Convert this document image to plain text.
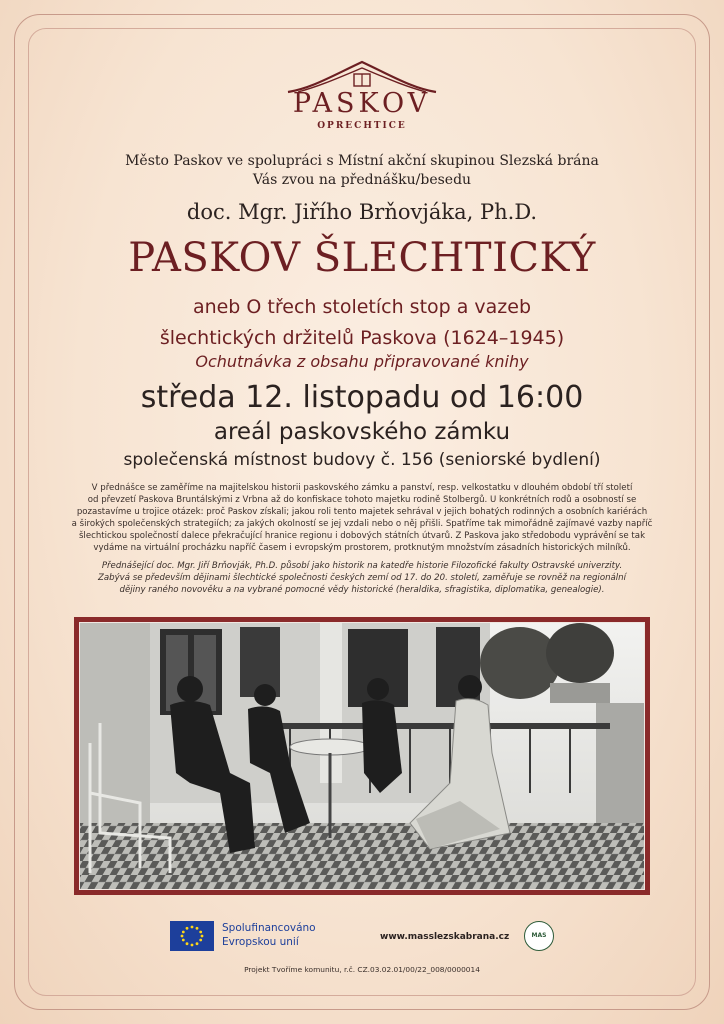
PASKOV
OPRECHTICE
Město Paskov ve spolupráci s Místní akční skupinou Slezská brána
Vás zvou na přednášku/besedu
doc. Mgr. Jiřího Brňovjáka, Ph.D.
PASKOV ŠLECHTICKÝ
aneb O třech stoletích stop a vazeb
šlechtických držitelů Paskova (1624–1945)
Ochutnávka z obsahu připravované knihy
středa 12. listopadu od 16:00
areál paskovského zámku
společenská místnost budovy č. 156 (seniorské bydlení)
V přednášce se zaměříme na majitelskou historii paskovského zámku a panství, resp. velkostatku v dlouhém období tří století
od převzetí Paskova Bruntálskými z Vrbna až do konfiskace tohoto majetku rodině Stolbergů. U konkrétních rodů a osobností se
pozastavíme u trojice otázek: proč Paskov získali; jakou roli tento majetek sehrával v jejich bohatých rodinných a osobních kariérách
a širokých společenských strategiích; za jakých okolností se jej vzdali nebo o něj přišli. Spatříme tak mimořádně zajímavé vazby napříč
šlechtickou společností dalece překračující hranice regionu i dobových státních útvarů. Z Paskova jako středobodu vyprávění se tak
vydáme na virtuální procházku napříč časem i evropským prostorem, protknutým množstvím zásadních historických milníků.
Přednášející doc. Mgr. Jiří Brňovják, Ph.D. působí jako historik na katedře historie Filozofické fakulty Ostravské univerzity.
Zabývá se především dějinami šlechtické společnosti českých zemí od 17. do 20. století, zaměřuje se rovněž na regionální
dějiny raného novověku a na vybrané pomocné vědy historické (heraldika, sfragistika, diplomatika, genealogie).
Spolufinancováno
Evropskou unií	www.masslezskabrana.cz	MAS
Projekt Tvoříme komunitu, r.č. CZ.03.02.01/00/22_008/0000014
